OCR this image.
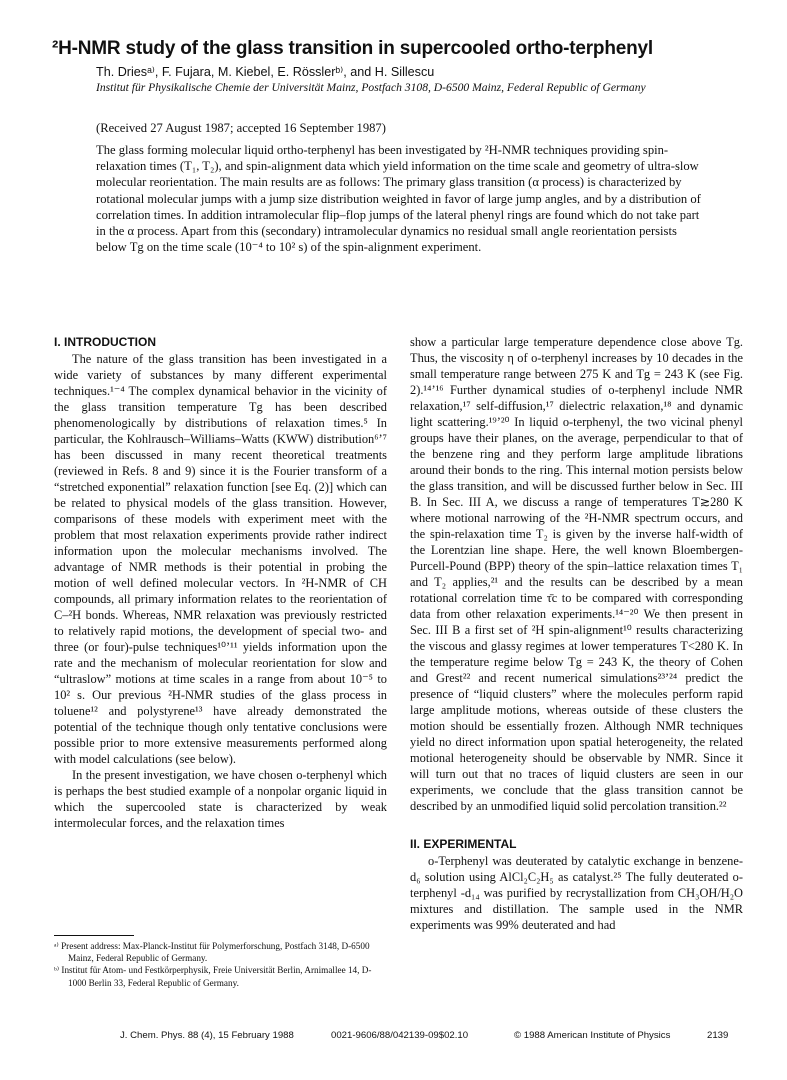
²H-NMR study of the glass transition in supercooled ortho-terphenyl
Th. Driesᵃ⁾, F. Fujara, M. Kiebel, E. Rösslerᵇ⁾, and H. Sillescu
Institut für Physikalische Chemie der Universität Mainz, Postfach 3108, D-6500 Mainz, Federal Republic of Germany
(Received 27 August 1987; accepted 16 September 1987)
The glass forming molecular liquid ortho-terphenyl has been investigated by ²H-NMR techniques providing spin-relaxation times (T₁, T₂), and spin-alignment data which yield information on the time scale and geometry of ultra-slow molecular reorientation. The main results are as follows: The primary glass transition (α process) is characterized by rotational molecular jumps with a jump size distribution weighted in favor of large jump angles, and by a distribution of correlation times. In addition intramolecular flip–flop jumps of the lateral phenyl rings are found which do not take part in the α process. Apart from this (secondary) intramolecular dynamics no residual small angle reorientation persists below Tg on the time scale (10⁻⁴ to 10² s) of the spin-alignment experiment.
I. INTRODUCTION

The nature of the glass transition has been investigated in a wide variety of substances by many different experimental techniques.¹⁻⁴ The complex dynamical behavior in the vicinity of the glass transition temperature Tg has been described phenomenologically by distributions of relaxation times.⁵ In particular, the Kohlrausch–Williams–Watts (KWW) distribution⁶ʼ⁷ has been discussed in many recent theoretical treatments (reviewed in Refs. 8 and 9) since it is the Fourier transform of a “stretched exponential” relaxation function [see Eq. (2)] which can be related to physical models of the glass transition. However, comparisons of these models with experiment meet with the problem that most relaxation experiments provide rather indirect information upon the molecular mechanisms involved. The advantage of NMR methods is their potential in probing the motion of well defined molecular vectors. In ²H-NMR of CH compounds, all primary information relates to the reorientation of C–²H bonds. Whereas, NMR relaxation was previously restricted to relatively rapid motions, the development of special two- and three (or four)-pulse techniques¹⁰ʼ¹¹ yields information upon the rate and the mechanism of molecular reorientation for slow and “ultraslow” motions at time scales in a range from about 10⁻⁵ to 10² s. Our previous ²H-NMR studies of the glass process in toluene¹² and polystyrene¹³ have already demonstrated the potential of the technique though only tentative conclusions were possible prior to more extensive measurements performed along with model calculations (see below).

In the present investigation, we have chosen o-terphenyl which is perhaps the best studied example of a nonpolar organic liquid in which the supercooled state is characterized by weak intermolecular forces, and the relaxation times

show a particular large temperature dependence close above Tg. Thus, the viscosity η of o-terphenyl increases by 10 decades in the small temperature range between 275 K and Tg = 243 K (see Fig. 2).¹⁴ʼ¹⁶ Further dynamical studies of o-terphenyl include NMR relaxation,¹⁷ self-diffusion,¹⁷ dielectric relaxation,¹⁸ and dynamic light scattering.¹⁹ʼ²⁰ In liquid o-terphenyl, the two vicinal phenyl groups have their planes, on the average, perpendicular to that of the benzene ring and they perform large amplitude librations around their bonds to the ring. This internal motion persists below the glass transition, and will be discussed further below in Sec. III B. In Sec. III A, we discuss a range of temperatures T≳280 K where motional narrowing of the ²H-NMR spectrum occurs, and the spin-relaxation time T₂ is given by the inverse half-width of the Lorentzian line shape. Here, the well known Bloembergen-Purcell-Pound (BPP) theory of the spin–lattice relaxation times T₁ and T₂ applies,²¹ and the results can be described by a mean rotational correlation time τ̄c to be compared with corresponding data from other relaxation experiments.¹⁴⁻²⁰ We then present in Sec. III B a first set of ²H spin-alignment¹⁰ results characterizing the viscous and glassy regimes at lower temperatures T<280 K. In the temperature regime below Tg = 243 K, the theory of Cohen and Grest²² and recent numerical simulations²³ʼ²⁴ predict the presence of “liquid clusters” where the molecules perform rapid large amplitude motions, whereas outside of these clusters the motion should be essentially frozen. Although NMR techniques yield no direct information upon spatial heterogeneity, the related motional heterogeneity should be observable by NMR. Since it will turn out that no traces of liquid clusters are seen in our experiments, we conclude that the glass transition cannot be described by an unmodified liquid solid percolation transition.²²

II. EXPERIMENTAL

o-Terphenyl was deuterated by catalytic exchange in benzene-d₆ solution using AlCl₂C₂H₅ as catalyst.²⁵ The fully deuterated o-terphenyl -d₁₄ was purified by recrystallization from CH₃OH/H₂O mixtures and distillation. The sample used in the NMR experiments was 99% deuterated and had

ᵃ⁾ Present address: Max-Planck-Institut für Polymerforschung, Postfach 3148, D-6500 Mainz, Federal Republic of Germany.
ᵇ⁾ Institut für Atom- und Festkörperphysik, Freie Universität Berlin, Arnimallee 14, D-1000 Berlin 33, Federal Republic of Germany.
J. Chem. Phys. 88 (4), 15 February 1988	0021-9606/88/042139-09$02.10	© 1988 American Institute of Physics	2139
